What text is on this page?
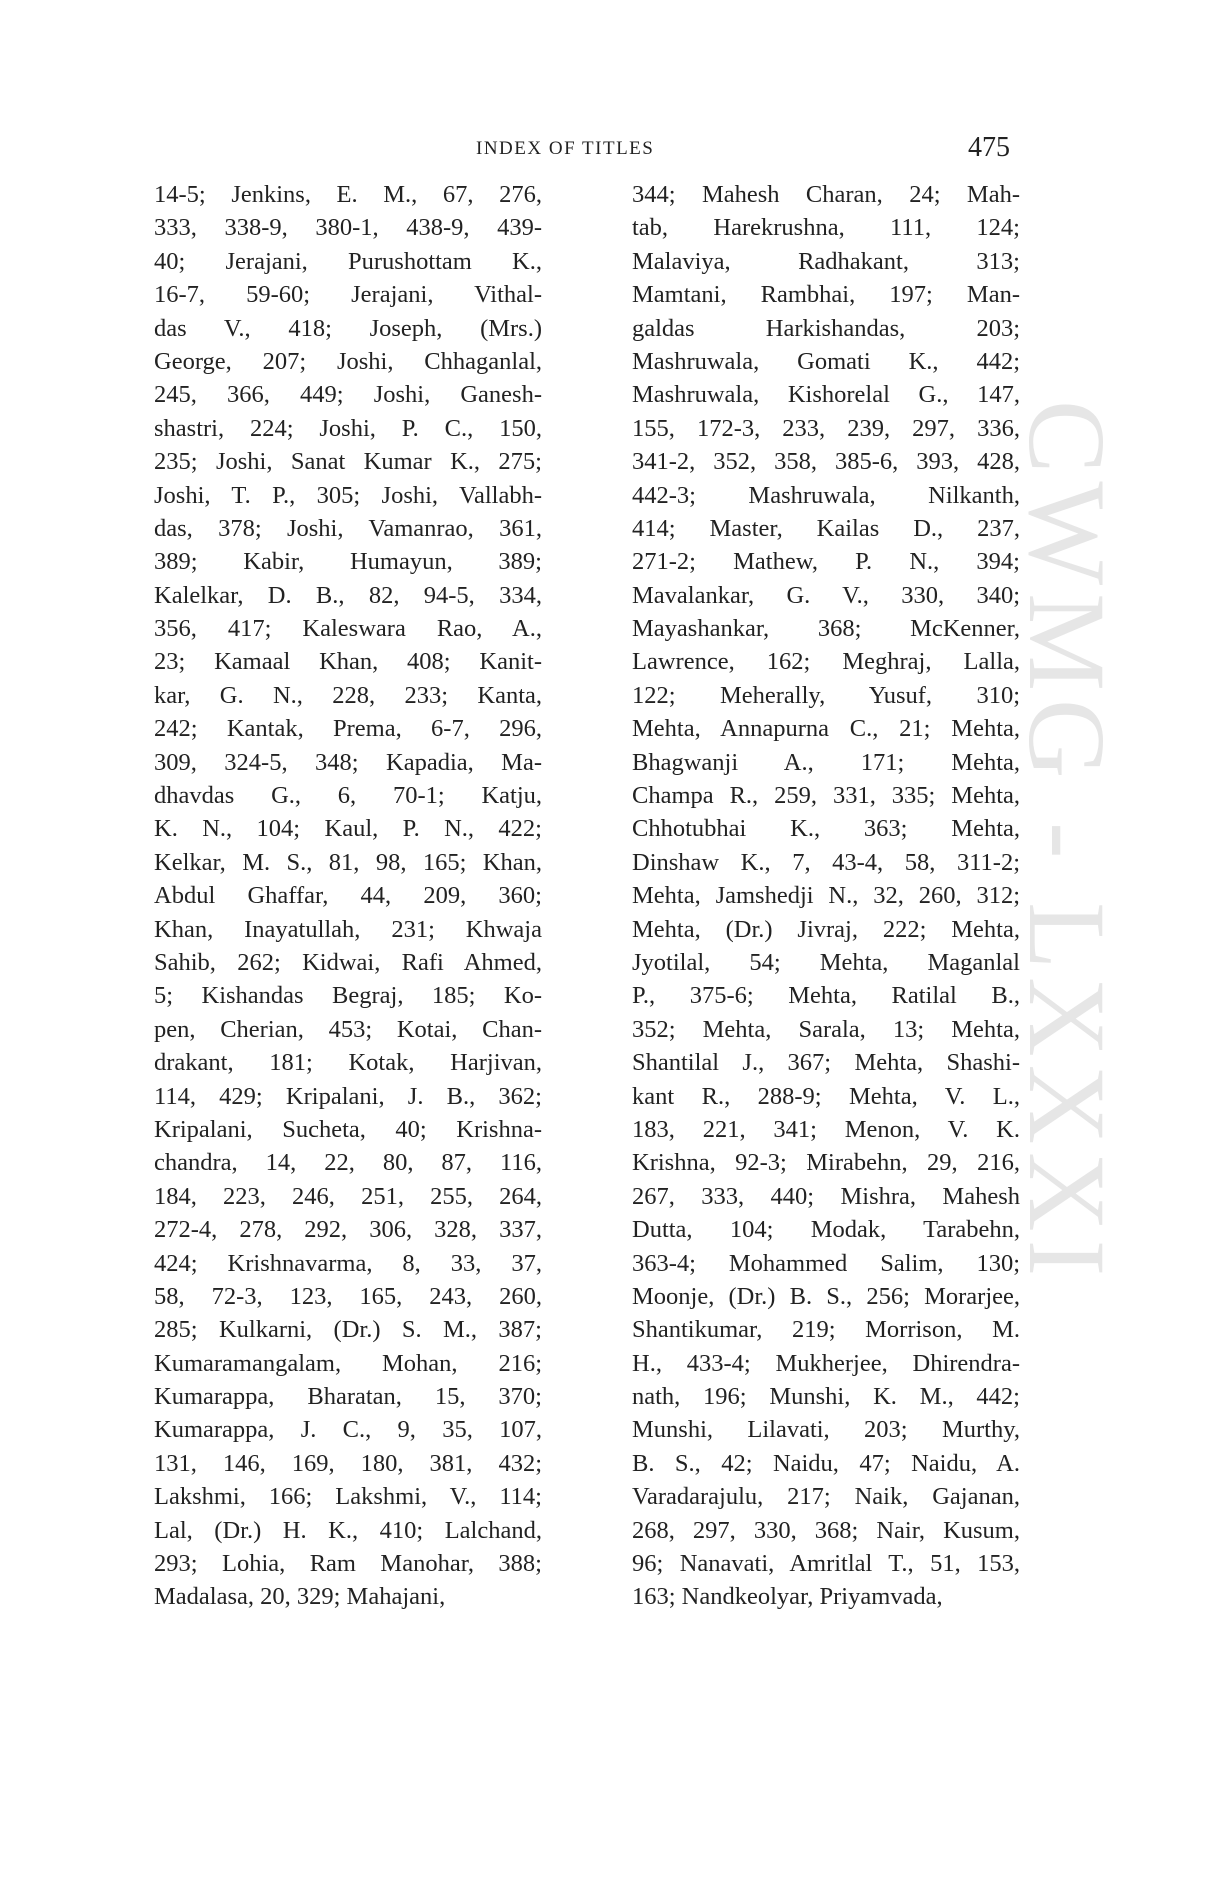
INDEX OF TITLES	475
14-5; Jenkins, E. M., 67, 276,
333, 338-9, 380-1, 438-9, 439-
40; Jerajani, Purushottam K.,
16-7, 59-60; Jerajani, Vithal-
das V., 418; Joseph, (Mrs.)
George, 207; Joshi, Chhaganlal,
245, 366, 449; Joshi, Ganesh-
shastri, 224; Joshi, P. C., 150,
235; Joshi, Sanat Kumar K., 275;
Joshi, T. P., 305; Joshi, Vallabh-
das, 378; Joshi, Vamanrao, 361,
389; Kabir, Humayun, 389;
Kalelkar, D. B., 82, 94-5, 334,
356, 417; Kaleswara Rao, A.,
23; Kamaal Khan, 408; Kanit-
kar, G. N., 228, 233; Kanta,
242; Kantak, Prema, 6-7, 296,
309, 324-5, 348; Kapadia, Ma-
dhavdas G., 6, 70-1; Katju,
K. N., 104; Kaul, P. N., 422;
Kelkar, M. S., 81, 98, 165; Khan,
Abdul Ghaffar, 44, 209, 360;
Khan, Inayatullah, 231; Khwaja
Sahib, 262; Kidwai, Rafi Ahmed,
5; Kishandas Begraj, 185; Ko-
pen, Cherian, 453; Kotai, Chan-
drakant, 181; Kotak, Harjivan,
114, 429; Kripalani, J. B., 362;
Kripalani, Sucheta, 40; Krishna-
chandra, 14, 22, 80, 87, 116,
184, 223, 246, 251, 255, 264,
272-4, 278, 292, 306, 328, 337,
424; Krishnavarma, 8, 33, 37,
58, 72-3, 123, 165, 243, 260,
285; Kulkarni, (Dr.) S. M., 387;
Kumaramangalam, Mohan, 216;
Kumarappa, Bharatan, 15, 370;
Kumarappa, J. C., 9, 35, 107,
131, 146, 169, 180, 381, 432;
Lakshmi, 166; Lakshmi, V., 114;
Lal, (Dr.) H. K., 410; Lalchand,
293; Lohia, Ram Manohar, 388;
Madalasa, 20, 329; Mahajani,
344; Mahesh Charan, 24; Mah-
tab, Harekrushna, 111, 124;
Malaviya, Radhakant, 313;
Mamtani, Rambhai, 197; Man-
galdas Harkishandas, 203;
Mashruwala, Gomati K., 442;
Mashruwala, Kishorelal G., 147,
155, 172-3, 233, 239, 297, 336,
341-2, 352, 358, 385-6, 393, 428,
442-3; Mashruwala, Nilkanth,
414; Master, Kailas D., 237,
271-2; Mathew, P. N., 394;
Mavalankar, G. V., 330, 340;
Mayashankar, 368; McKenner,
Lawrence, 162; Meghraj, Lalla,
122; Meherally, Yusuf, 310;
Mehta, Annapurna C., 21; Mehta,
Bhagwanji A., 171; Mehta,
Champa R., 259, 331, 335; Mehta,
Chhotubhai K., 363; Mehta,
Dinshaw K., 7, 43-4, 58, 311-2;
Mehta, Jamshedji N., 32, 260, 312;
Mehta, (Dr.) Jivraj, 222; Mehta,
Jyotilal, 54; Mehta, Maganlal
P., 375-6; Mehta, Ratilal B.,
352; Mehta, Sarala, 13; Mehta,
Shantilal J., 367; Mehta, Shashi-
kant R., 288-9; Mehta, V. L.,
183, 221, 341; Menon, V. K.
Krishna, 92-3; Mirabehn, 29, 216,
267, 333, 440; Mishra, Mahesh
Dutta, 104; Modak, Tarabehn,
363-4; Mohammed Salim, 130;
Moonje, (Dr.) B. S., 256; Morarjee,
Shantikumar, 219; Morrison, M.
H., 433-4; Mukherjee, Dhirendra-
nath, 196; Munshi, K. M., 442;
Munshi, Lilavati, 203; Murthy,
B. S., 42; Naidu, 47; Naidu, A.
Varadarajulu, 217; Naik, Gajanan,
268, 297, 330, 368; Nair, Kusum,
96; Nanavati, Amritlal T., 51, 153,
163; Nandkeolyar, Priyamvada,
CWMG - LXXXI
